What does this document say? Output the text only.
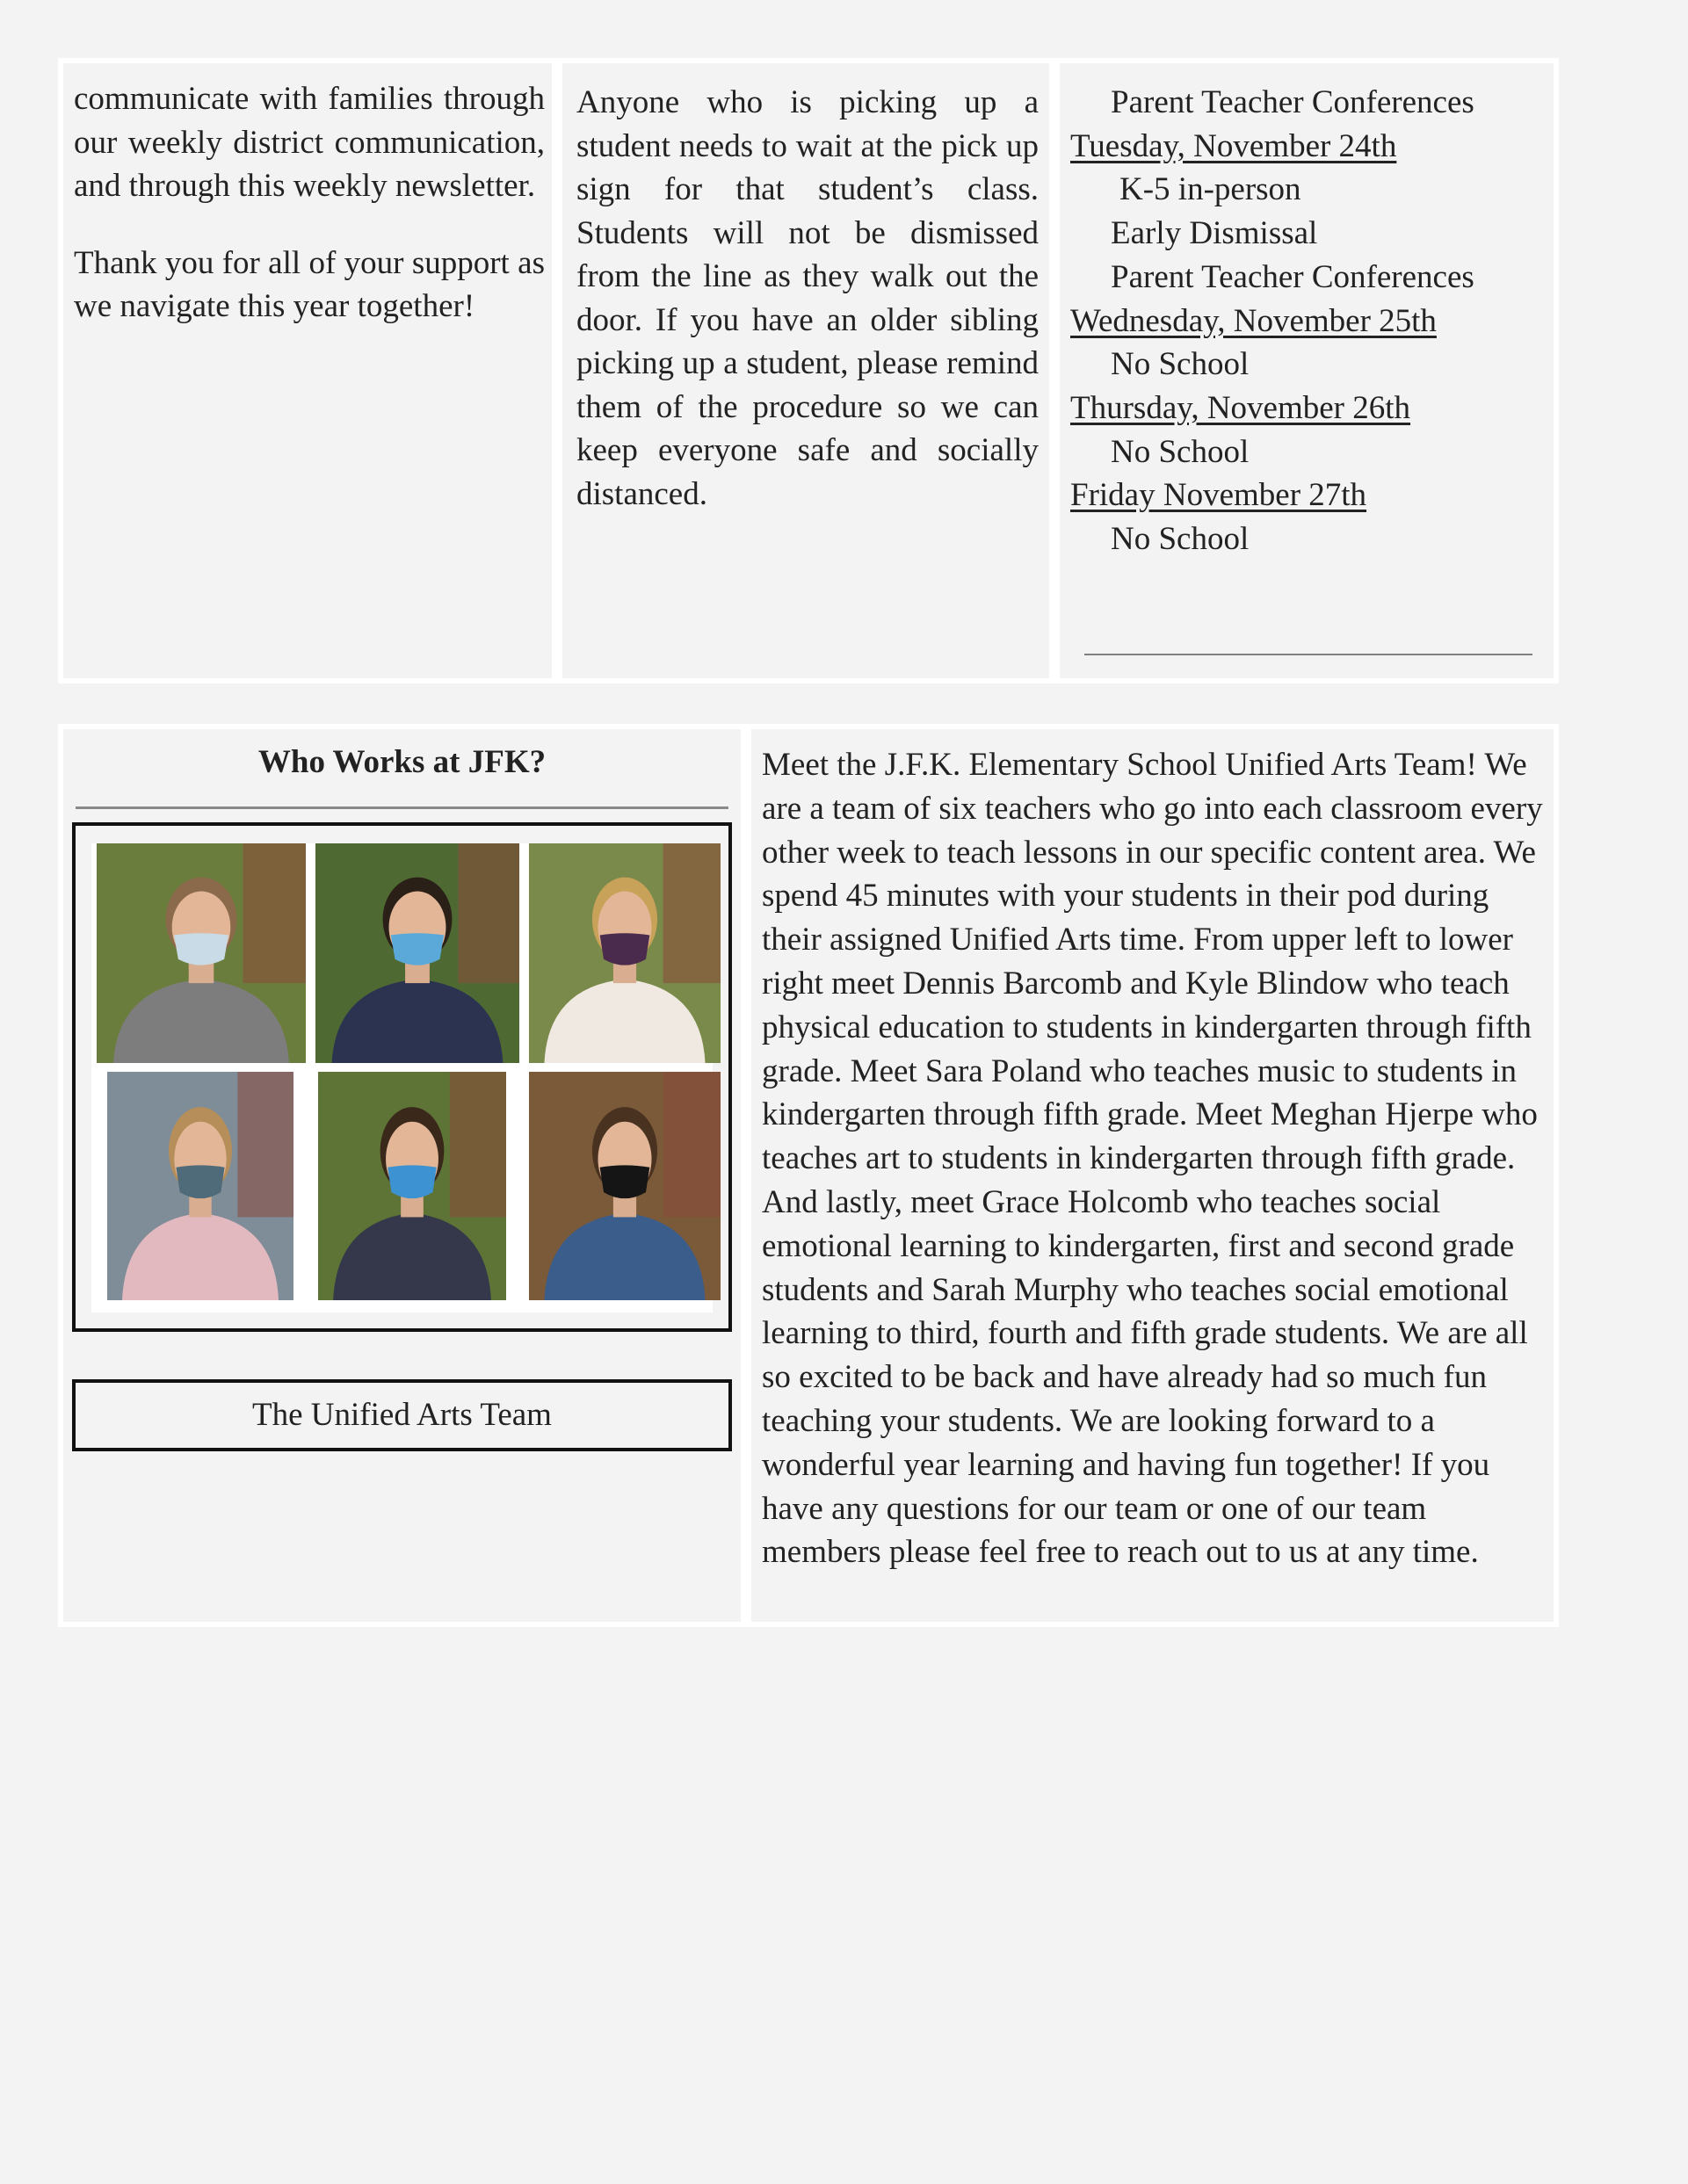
communicate with families through our weekly district communication, and through this weekly newsletter.

Thank you for all of your support as we navigate this year together!

Anyone who is picking up a student needs to wait at the pick up sign for that student’s class. Students will not be dismissed from the line as they walk out the door. If you have an older sibling picking up a student, please remind them of the procedure so we can keep everyone safe and socially distanced.

Parent Teacher Conferences
Tuesday, November 24th
K-5 in-person
Early Dismissal
Parent Teacher Conferences
Wednesday, November 25th
No School
Thursday, November 26th
No School
Friday November 27th
No School
Who Works at JFK?
The Unified Arts Team

Meet the J.F.K. Elementary School Unified Arts Team! We are a team of six teachers who go into each classroom every other week to teach lessons in our specific content area. We spend 45 minutes with your students in their pod during their assigned Unified Arts time. From upper left to lower right meet Dennis Barcomb and Kyle Blindow who teach physical education to students in kindergarten through fifth grade. Meet Sara Poland who teaches music to students in kindergarten through fifth grade. Meet Meghan Hjerpe who teaches art to students in kindergarten through fifth grade. And lastly, meet Grace Holcomb who teaches social emotional learning to kindergarten, first and second grade students and Sarah Murphy who teaches social emotional learning to third, fourth and fifth grade students. We are all so excited to be back and have already had so much fun teaching your students. We are looking forward to a wonderful year learning and having fun together! If you have any questions for our team or one of our team members please feel free to reach out to us at any time.
